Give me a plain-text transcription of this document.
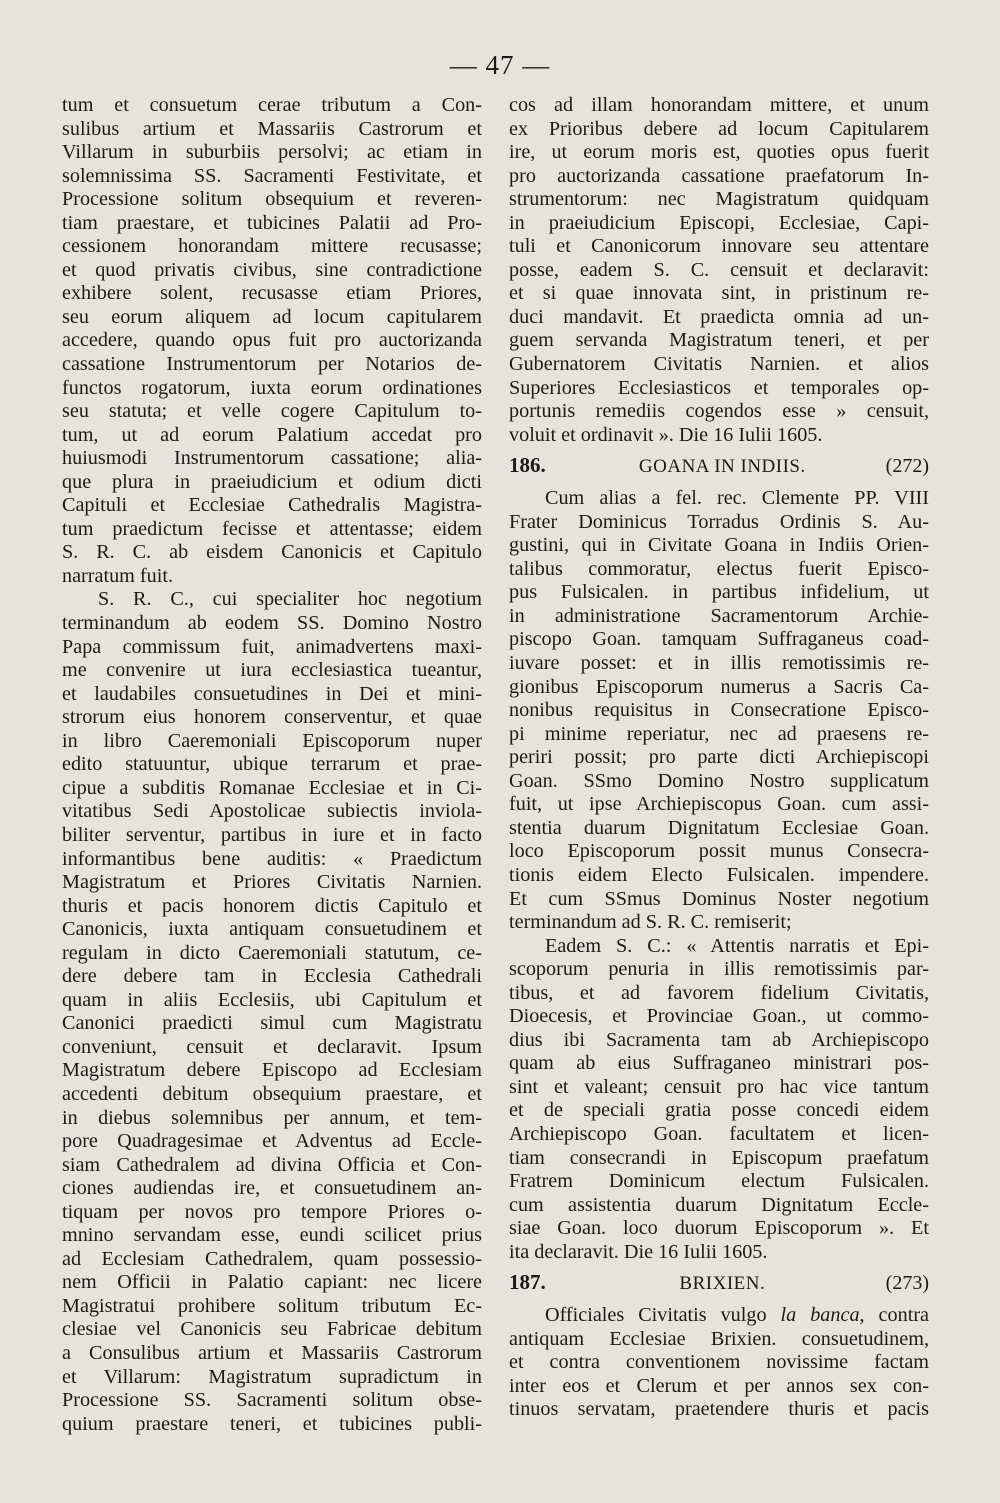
— 47 —
tum et consuetum cerae tributum a Con-
sulibus artium et Massariis Castrorum et
Villarum in suburbiis persolvi; ac etiam in
solemnissima SS. Sacramenti Festivitate, et
Processione solitum obsequium et reveren-
tiam praestare, et tubicines Palatii ad Pro-
cessionem honorandam mittere recusasse;
et quod privatis civibus, sine contradictione
exhibere solent, recusasse etiam Priores,
seu eorum aliquem ad locum capitularem
accedere, quando opus fuit pro auctorizanda
cassatione Instrumentorum per Notarios de-
functos rogatorum, iuxta eorum ordinationes
seu statuta; et velle cogere Capitulum to-
tum, ut ad eorum Palatium accedat pro
huiusmodi Instrumentorum cassatione; alia-
que plura in praeiudicium et odium dicti
Capituli et Ecclesiae Cathedralis Magistra-
tum praedictum fecisse et attentasse; eidem
S. R. C. ab eisdem Canonicis et Capitulo
narratum fuit.
S. R. C., cui specialiter hoc negotium
terminandum ab eodem SS. Domino Nostro
Papa commissum fuit, animadvertens maxi-
me convenire ut iura ecclesiastica tueantur,
et laudabiles consuetudines in Dei et mini-
strorum eius honorem conserventur, et quae
in libro Caeremoniali Episcoporum nuper
edito statuuntur, ubique terrarum et prae-
cipue a subditis Romanae Ecclesiae et in Ci-
vitatibus Sedi Apostolicae subiectis inviola-
biliter serventur, partibus in iure et in facto
informantibus bene auditis: « Praedictum
Magistratum et Priores Civitatis Narnien.
thuris et pacis honorem dictis Capitulo et
Canonicis, iuxta antiquam consuetudinem et
regulam in dicto Caeremoniali statutum, ce-
dere debere tam in Ecclesia Cathedrali
quam in aliis Ecclesiis, ubi Capitulum et
Canonici praedicti simul cum Magistratu
conveniunt, censuit et declaravit. Ipsum
Magistratum debere Episcopo ad Ecclesiam
accedenti debitum obsequium praestare, et
in diebus solemnibus per annum, et tem-
pore Quadragesimae et Adventus ad Eccle-
siam Cathedralem ad divina Officia et Con-
ciones audiendas ire, et consuetudinem an-
tiquam per novos pro tempore Priores o-
mnino servandam esse, eundi scilicet prius
ad Ecclesiam Cathedralem, quam possessio-
nem Officii in Palatio capiant: nec licere
Magistratui prohibere solitum tributum Ec-
clesiae vel Canonicis seu Fabricae debitum
a Consulibus artium et Massariis Castrorum
et Villarum: Magistratum supradictum in
Processione SS. Sacramenti solitum obse-
quium praestare teneri, et tubicines publi-
cos ad illam honorandam mittere, et unum
ex Prioribus debere ad locum Capitularem
ire, ut eorum moris est, quoties opus fuerit
pro auctorizanda cassatione praefatorum In-
strumentorum: nec Magistratum quidquam
in praeiudicium Episcopi, Ecclesiae, Capi-
tuli et Canonicorum innovare seu attentare
posse, eadem S. C. censuit et declaravit:
et si quae innovata sint, in pristinum re-
duci mandavit. Et praedicta omnia ad un-
guem servanda Magistratum teneri, et per
Gubernatorem Civitatis Narnien. et alios
Superiores Ecclesiasticos et temporales op-
portunis remediis cogendos esse » censuit,
voluit et ordinavit ». Die 16 Iulii 1605.
186.	GOANA IN INDIIS.	(272)
Cum alias a fel. rec. Clemente PP. VIII
Frater Dominicus Torradus Ordinis S. Au-
gustini, qui in Civitate Goana in Indiis Orien-
talibus commoratur, electus fuerit Episco-
pus Fulsicalen. in partibus infidelium, ut
in administratione Sacramentorum Archie-
piscopo Goan. tamquam Suffraganeus coad-
iuvare posset: et in illis remotissimis re-
gionibus Episcoporum numerus a Sacris Ca-
nonibus requisitus in Consecratione Episco-
pi minime reperiatur, nec ad praesens re-
periri possit; pro parte dicti Archiepiscopi
Goan. SSmo Domino Nostro supplicatum
fuit, ut ipse Archiepiscopus Goan. cum assi-
stentia duarum Dignitatum Ecclesiae Goan.
loco Episcoporum possit munus Consecra-
tionis eidem Electo Fulsicalen. impendere.
Et cum SSmus Dominus Noster negotium
terminandum ad S. R. C. remiserit;
Eadem S. C.: « Attentis narratis et Epi-
scoporum penuria in illis remotissimis par-
tibus, et ad favorem fidelium Civitatis,
Dioecesis, et Provinciae Goan., ut commo-
dius ibi Sacramenta tam ab Archiepiscopo
quam ab eius Suffraganeo ministrari pos-
sint et valeant; censuit pro hac vice tantum
et de speciali gratia posse concedi eidem
Archiepiscopo Goan. facultatem et licen-
tiam consecrandi in Episcopum praefatum
Fratrem Dominicum electum Fulsicalen.
cum assistentia duarum Dignitatum Eccle-
siae Goan. loco duorum Episcoporum ». Et
ita declaravit. Die 16 Iulii 1605.
187.	BRIXIEN.	(273)
Officiales Civitatis vulgo la banca, contra
antiquam Ecclesiae Brixien. consuetudinem,
et contra conventionem novissime factam
inter eos et Clerum et per annos sex con-
tinuos servatam, praetendere thuris et pacis
